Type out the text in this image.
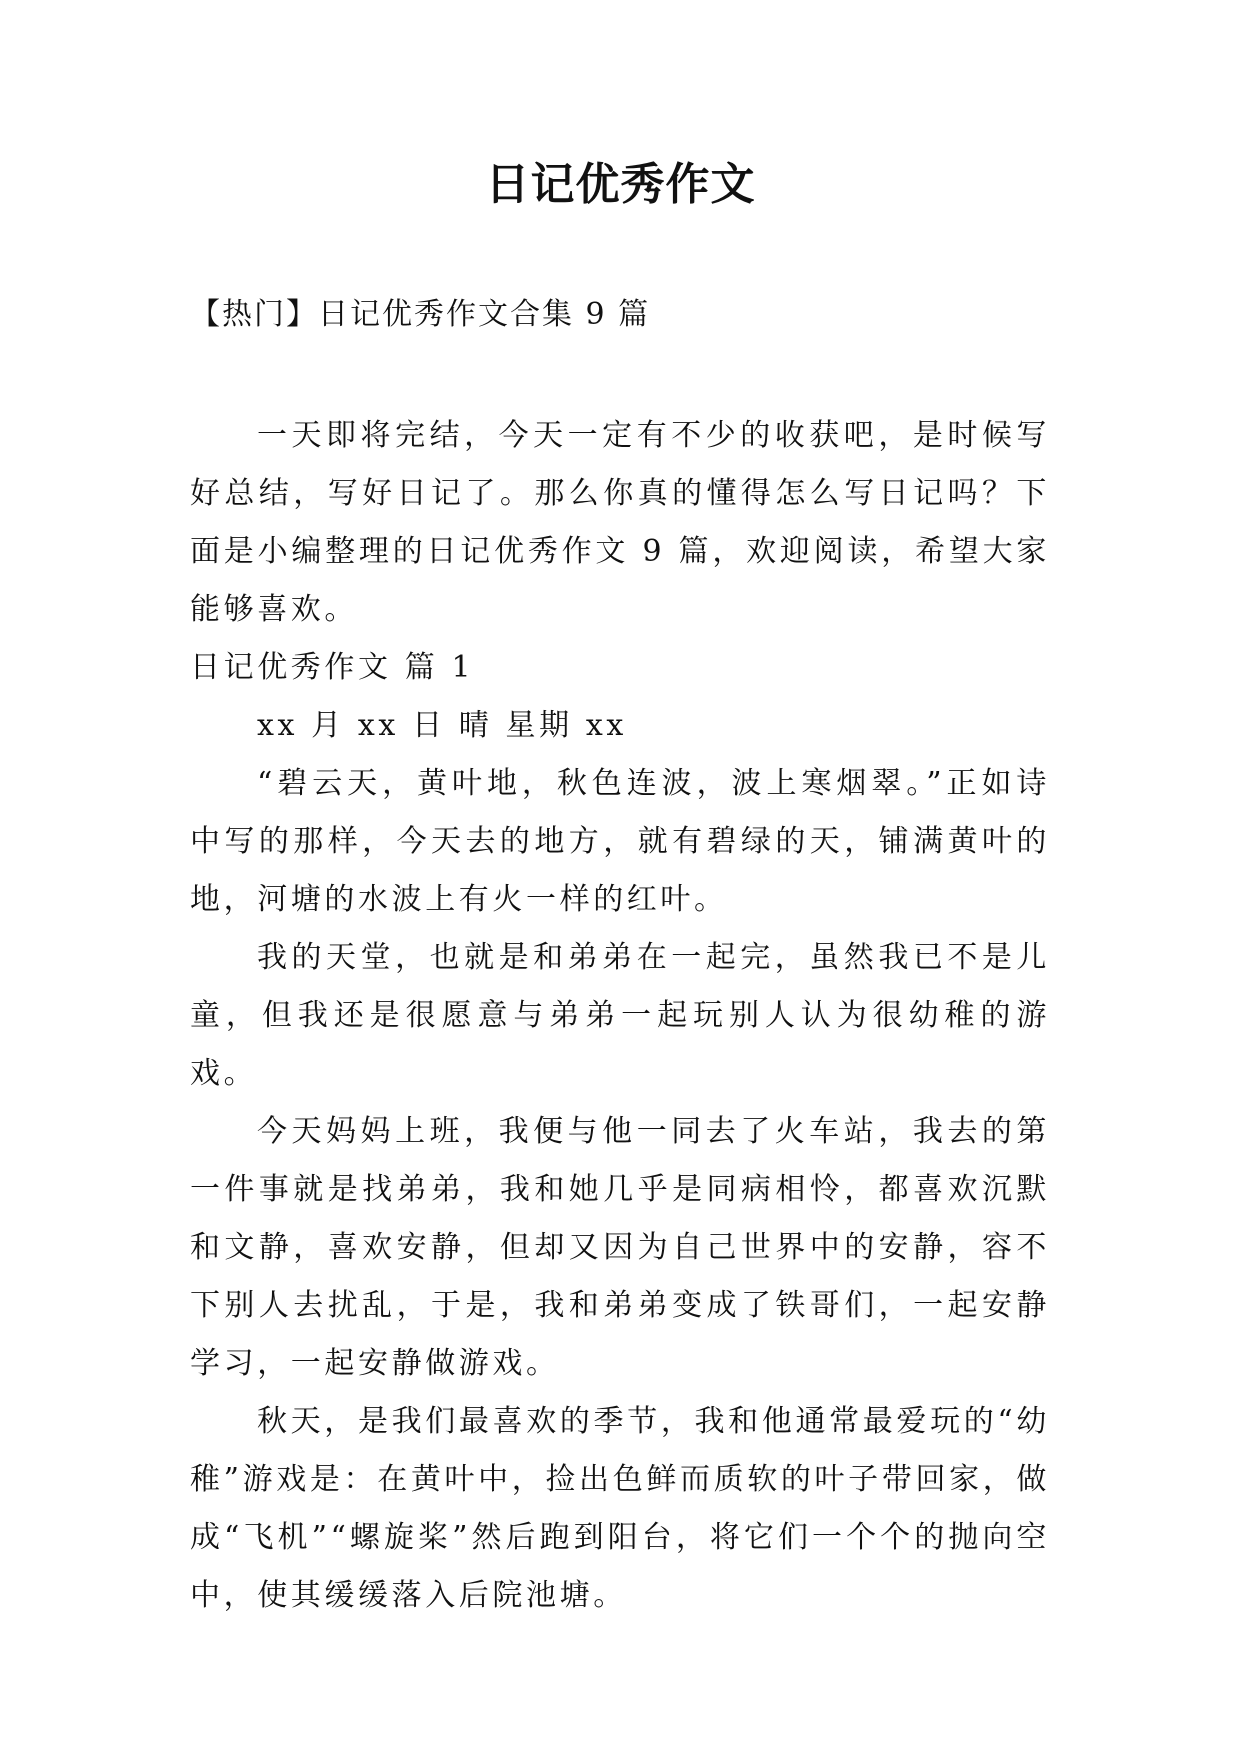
日记优秀作文

【热门】日记优秀作文合集 9 篇

一天即将完结，今天一定有不少的收获吧，是时候写好总结，写好日记了。那么你真的懂得怎么写日记吗？下面是小编整理的日记优秀作文 9 篇，欢迎阅读，希望大家能够喜欢。

日记优秀作文 篇 1

xx 月 xx 日 晴 星期 xx

“碧云天，黄叶地，秋色连波，波上寒烟翠。”正如诗中写的那样，今天去的地方，就有碧绿的天，铺满黄叶的地，河塘的水波上有火一样的红叶。

我的天堂，也就是和弟弟在一起完，虽然我已不是儿童，但我还是很愿意与弟弟一起玩别人认为很幼稚的游戏。

今天妈妈上班，我便与他一同去了火车站，我去的第一件事就是找弟弟，我和她几乎是同病相怜，都喜欢沉默和文静，喜欢安静，但却又因为自己世界中的安静，容不下别人去扰乱，于是，我和弟弟变成了铁哥们，一起安静学习，一起安静做游戏。

秋天，是我们最喜欢的季节，我和他通常最爱玩的“幼稚”游戏是：在黄叶中，捡出色鲜而质软的叶子带回家，做成“飞机”“螺旋桨”然后跑到阳台，将它们一个个的抛向空中，使其缓缓落入后院池塘。
